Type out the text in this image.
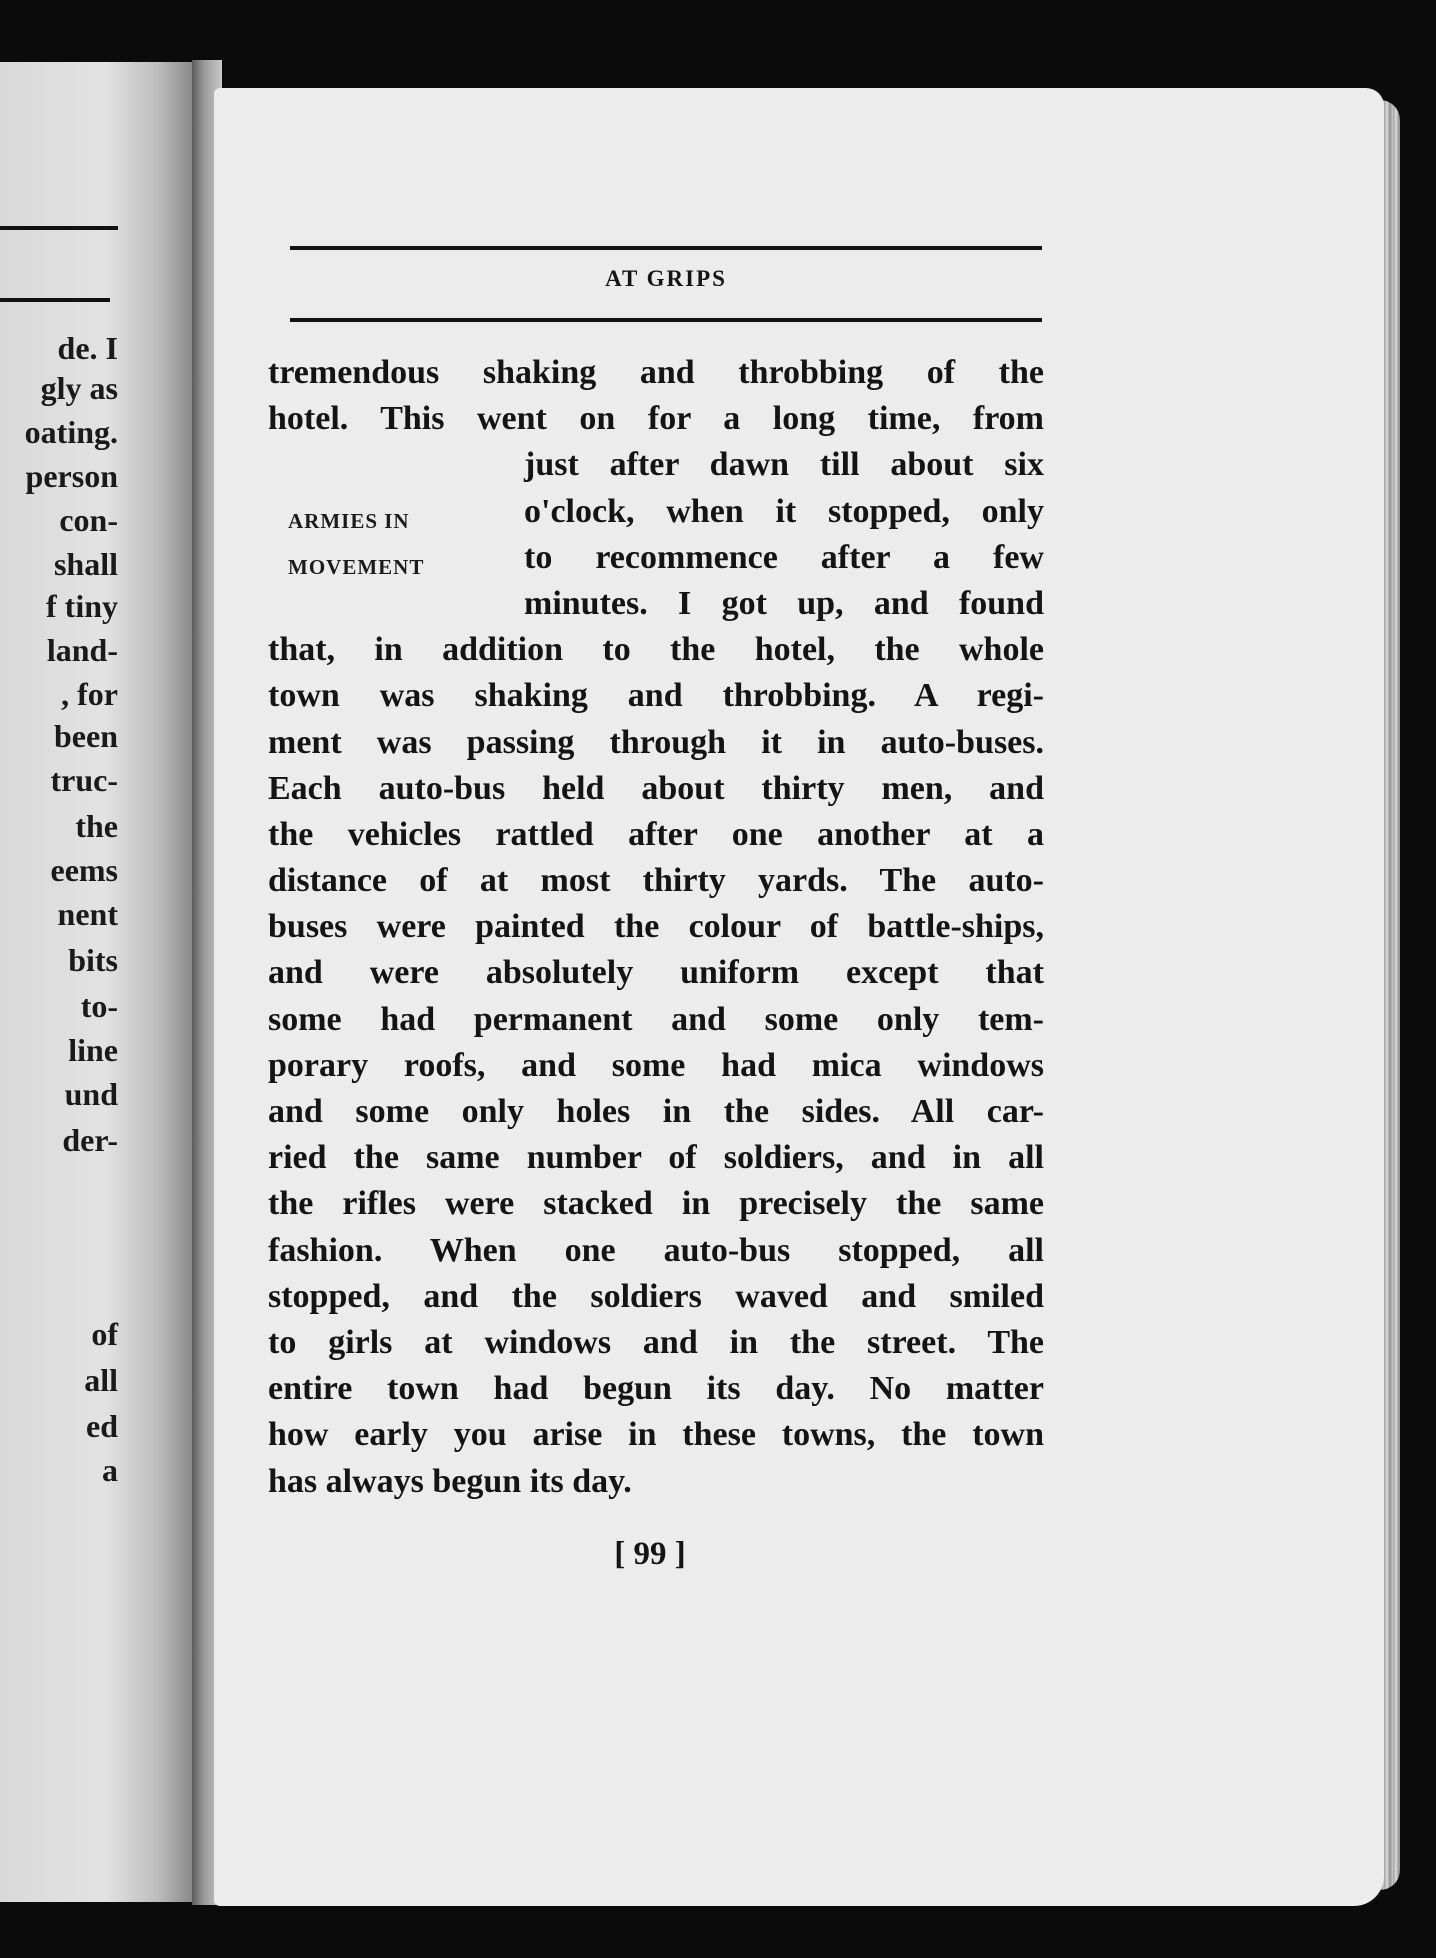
de. I
gly as
oating.
person
con-
shall
f tiny
land-
, for
been
truc-
the
eems
nent
bits
to-
line
und
der-
of
all
ed
a
AT GRIPS
ARMIES IN
MOVEMENT
tremendous shaking and throbbing of the
hotel. This went on for a long time, from
just after dawn till about six
o'clock, when it stopped, only
to recommence after a few
minutes. I got up, and found
that, in addition to the hotel, the whole
town was shaking and throbbing. A regi-
ment was passing through it in auto-buses.
Each auto-bus held about thirty men, and
the vehicles rattled after one another at a
distance of at most thirty yards. The auto-
buses were painted the colour of battle-ships,
and were absolutely uniform except that
some had permanent and some only tem-
porary roofs, and some had mica windows
and some only holes in the sides. All car-
ried the same number of soldiers, and in all
the rifles were stacked in precisely the same
fashion. When one auto-bus stopped, all
stopped, and the soldiers waved and smiled
to girls at windows and in the street. The
entire town had begun its day. No matter
how early you arise in these towns, the town
has always begun its day.
[ 99 ]
